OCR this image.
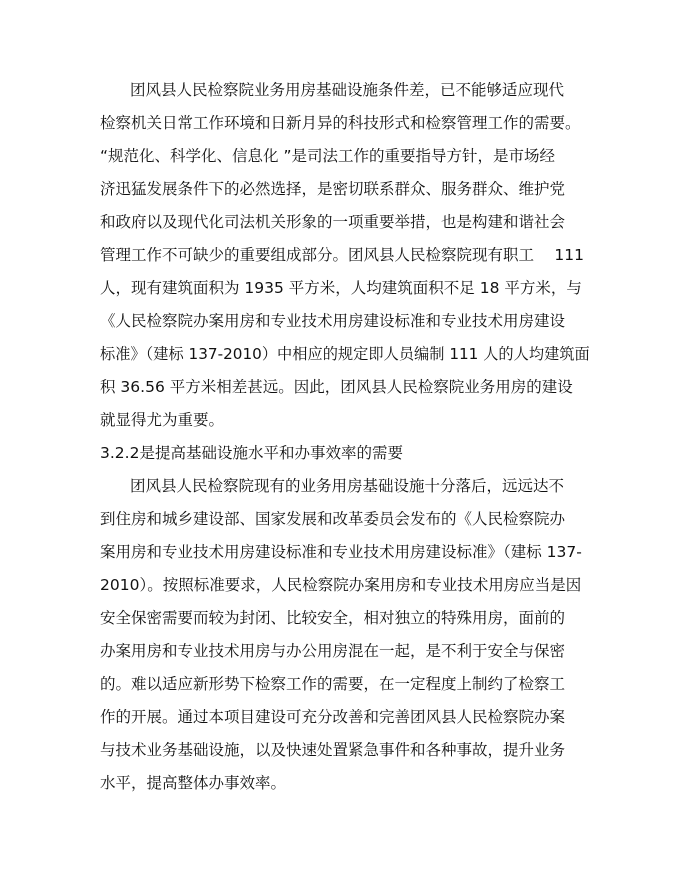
团风县人民检察院业务用房基础设施条件差，已不能够适应现代
检察机关日常工作环境和日新月异的科技形式和检察管理工作的需要。
“规范化、科学化、信息化 ”是司法工作的重要指导方针，是市场经
济迅猛发展条件下的必然选择，是密切联系群众、服务群众、维护党
和政府以及现代化司法机关形象的一项重要举措，也是构建和谐社会
管理工作不可缺少的重要组成部分。团风县人民检察院现有职工　 111
人，现有建筑面积为 1935 平方米，人均建筑面积不足 18 平方米，与
《人民检察院办案用房和专业技术用房建设标准和专业技术用房建设
标准》（建标 137-2010）中相应的规定即人员编制 111 人的人均建筑面
积 36.56 平方米相差甚远。因此，团风县人民检察院业务用房的建设
就显得尤为重要。
3.2.2是提高基础设施水平和办事效率的需要
团风县人民检察院现有的业务用房基础设施十分落后，远远达不
到住房和城乡建设部、国家发展和改革委员会发布的《人民检察院办
案用房和专业技术用房建设标准和专业技术用房建设标准》（建标 137-
2010）。按照标准要求，人民检察院办案用房和专业技术用房应当是因
安全保密需要而较为封闭、比较安全，相对独立的特殊用房，面前的
办案用房和专业技术用房与办公用房混在一起，是不利于安全与保密
的。难以适应新形势下检察工作的需要，在一定程度上制约了检察工
作的开展。通过本项目建设可充分改善和完善团风县人民检察院办案
与技术业务基础设施，以及快速处置紧急事件和各种事故，提升业务
水平，提高整体办事效率。
